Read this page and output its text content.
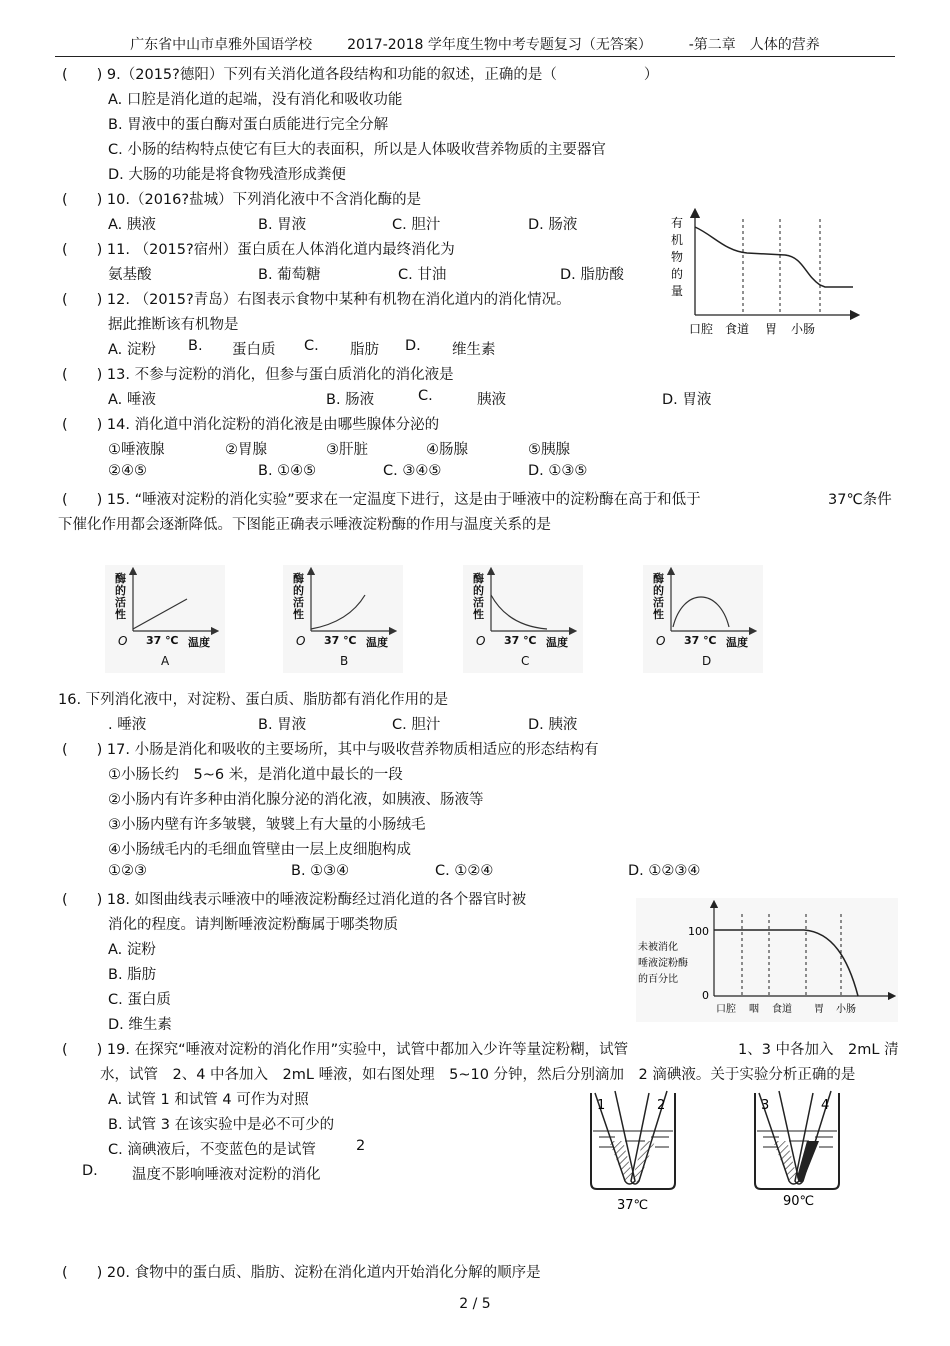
广东省中山市卓雅外国语学校 2017-2018 学年度生物中考专题复习（无答案）	-第二章　人体的营养
(　　) 9.（2015?德阳）下列有关消化道各段结构和功能的叙述，正确的是（　　　　　　）
A. 口腔是消化道的起端，没有消化和吸收功能
B. 胃液中的蛋白酶对蛋白质能进行完全分解
C. 小肠的结构特点使它有巨大的表面积，所以是人体吸收营养物质的主要器官
D. 大肠的功能是将食物残渣形成粪便
(　　) 10.（2016?盐城）下列消化液中不含消化酶的是
A. 胰液	B. 胃液	C. 胆汁	D. 肠液
(　　) 11. （2015?宿州）蛋白质在人体消化道内最终消化为
氨基酸	B. 葡萄糖	C. 甘油	D. 脂肪酸
(　　) 12. （2015?青岛）右图表示食物中某种有机物在消化道内的消化情况。
据此推断该有机物是
A. 淀粉 B. 蛋白质 C. 脂肪 D. 维生素
有
机
物
的
量
口腔 食道 胃 小肠
(　　) 13. 不参与淀粉的消化，但参与蛋白质消化的消化液是
A. 唾液	B. 肠液	C.	胰液	D. 胃液
(　　) 14. 消化道中消化淀粉的消化液是由哪些腺体分泌的
①唾液腺	②胃腺	③肝脏	④肠腺	⑤胰腺
②④⑤	B. ①④⑤	C. ③④⑤	D. ①③⑤
(　　) 15. “唾液对淀粉的消化实验”要求在一定温度下进行，这是由于唾液中的淀粉酶在高于和低于	37℃条件
下催化作用都会逐渐降低。下图能正确表示唾液淀粉酶的作用与温度关系的是
酶的活性
酶的活性
酶的活性
酶的活性
O 37 ℃ 温度
A
O 37 ℃ 温度
B
O 37 ℃ 温度
C
O 37 ℃ 温度
D
16. 下列消化液中，对淀粉、蛋白质、脂肪都有消化作用的是
. 唾液	B. 胃液	C. 胆汁	D. 胰液
(　　) 17. 小肠是消化和吸收的主要场所，其中与吸收营养物质相适应的形态结构有
①小肠长约　5~6 米，是消化道中最长的一段
②小肠内有许多种由消化腺分泌的消化液，如胰液、肠液等
③小肠内壁有许多皱襞，皱襞上有大量的小肠绒毛
④小肠绒毛内的毛细血管壁由一层上皮细胞构成
①②③	B. ①③④	C. ①②④	D. ①②③④
(　　) 18. 如图曲线表示唾液中的唾液淀粉酶经过消化道的各个器官时被
消化的程度。请判断唾液淀粉酶属于哪类物质
A. 淀粉
B. 脂肪
C. 蛋白质
D. 维生素
未被消化
唾液淀粉酶
的百分比
100
0
口腔 咽 食道 胃 小肠
(　　) 19. 在探究“唾液对淀粉的消化作用”实验中，试管中都加入少许等量淀粉糊，试管	1、3 中各加入　2mL 清
水，试管　2、4 中各加入　2mL 唾液，如右图处理　5~10 分钟，然后分别滴加　2 滴碘液。关于实验分析正确的是
A. 试管 1 和试管 4 可作为对照
B. 试管 3 在该实验中是必不可少的
C. 滴碘液后，不变蓝色的是试管	2
D. 温度不影响唾液对淀粉的消化
1	2	3	4
37℃	90℃
(　　) 20. 食物中的蛋白质、脂肪、淀粉在消化道内开始消化分解的顺序是
2 / 5
